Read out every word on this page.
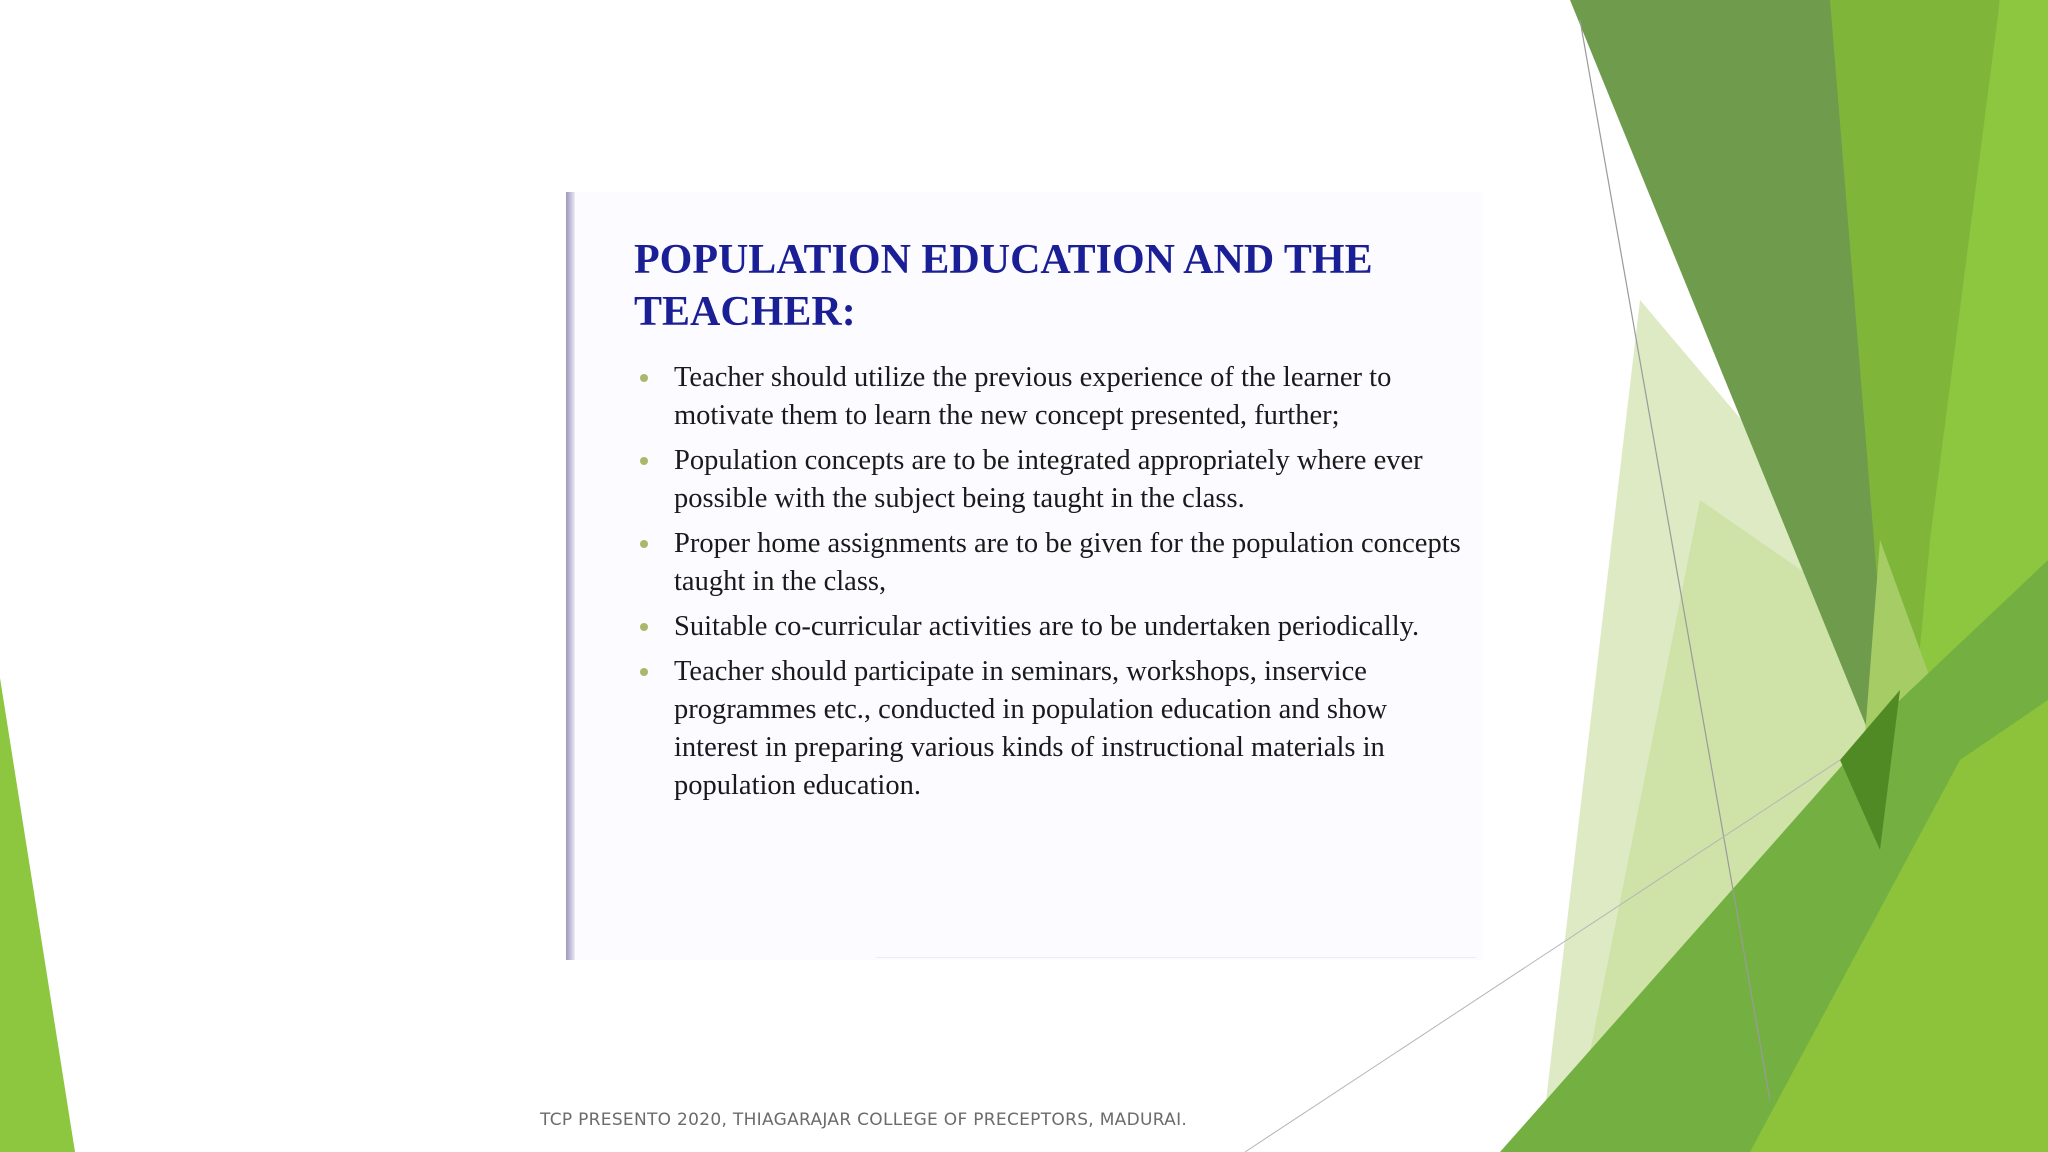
POPULATION EDUCATION AND THE
TEACHER:
Teacher should utilize the previous experience of the learner to motivate them to learn the new concept presented, further;
Population concepts are to be integrated appropriately where ever possible with the subject being taught in the class.
Proper home assignments are to be given for the population concepts taught in the class,
Suitable co-curricular activities are to be undertaken periodically.
Teacher should participate in seminars, workshops, inservice programmes etc., conducted in population education and show interest in preparing various kinds of instructional materials in population education.
TCP PRESENTO 2020, THIAGARAJAR COLLEGE OF PRECEPTORS, MADURAI.
